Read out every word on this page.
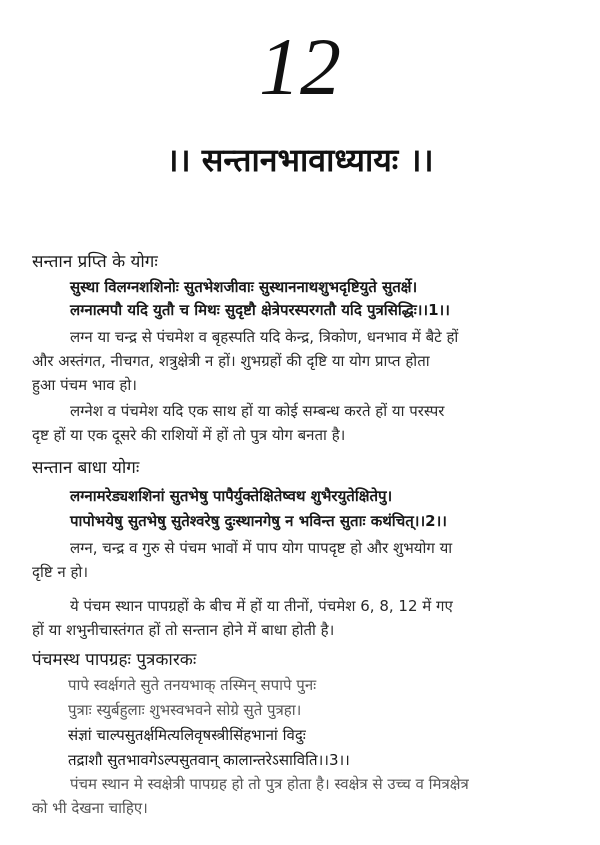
12
।। सन्तानभावाध्यायः ।।
सन्तान प्रप्ति के योगः
सुस्था विलग्नशशिनोः सुतभेशजीवाः सुस्थाननाथशुभदृष्टियुते सुतर्क्षे।
लग्नात्मपौ यदि युतौ च मिथः सुदृष्टौ क्षेत्रेपरस्परगतौ यदि पुत्रसिद्धिः।।1।।
लग्न या चन्द्र से पंचमेश व बृहस्पति यदि केन्द्र, त्रिकोण, धनभाव में बैटे हों
और अस्तंगत, नीचगत, शत्रुक्षेत्री न हों। शुभग्रहों की दृष्टि या योग प्राप्त होता
हुआ पंचम भाव हो।
लग्नेश व पंचमेश यदि एक साथ हों या कोई सम्बन्ध करते हों या परस्पर
दृष्ट हों या एक दूसरे की राशियों में हों तो पुत्र योग बनता है।
सन्तान बाधा योगः
लग्नामरेड्यशशिनां सुतभेषु पापैर्युक्तेक्षितेष्वथ शुभैरयुतेक्षितेपु।
पापोभयेषु सुतभेषु सुतेश्वरेषु दुःस्थानगेषु न भविन्त सुताः कथंचित्।।2।।
लग्न, चन्द्र व गुरु से पंचम भावों में पाप योग पापदृष्ट हो और शुभयोग या
दृष्टि न हो।
ये पंचम स्थान पापग्रहों के बीच में हों या तीनों, पंचमेश 6, 8, 12 में गए
हों या शभुनीचास्तंगत हों तो सन्तान होने में बाधा होती है।
पंचमस्थ पापग्रहः पुत्रकारकः
पापे स्वर्क्षगते सुते तनयभाक् तस्मिन् सपापे पुनः
पुत्राः स्युर्बहुलाः शुभस्वभवने सोग्रे सुते पुत्रहा।
संज्ञां चाल्पसुतर्क्षमित्यलिवृषस्त्रीसिंहभानां विदुः
तद्राशौ सुतभावगेऽल्पसुतवान् कालान्तरेऽसाविति।।3।।
पंचम स्थान मे स्वक्षेत्री पापग्रह हो तो पुत्र होता है। स्वक्षेत्र से उच्च व मित्रक्षेत्र
को भी देखना चाहिए।
